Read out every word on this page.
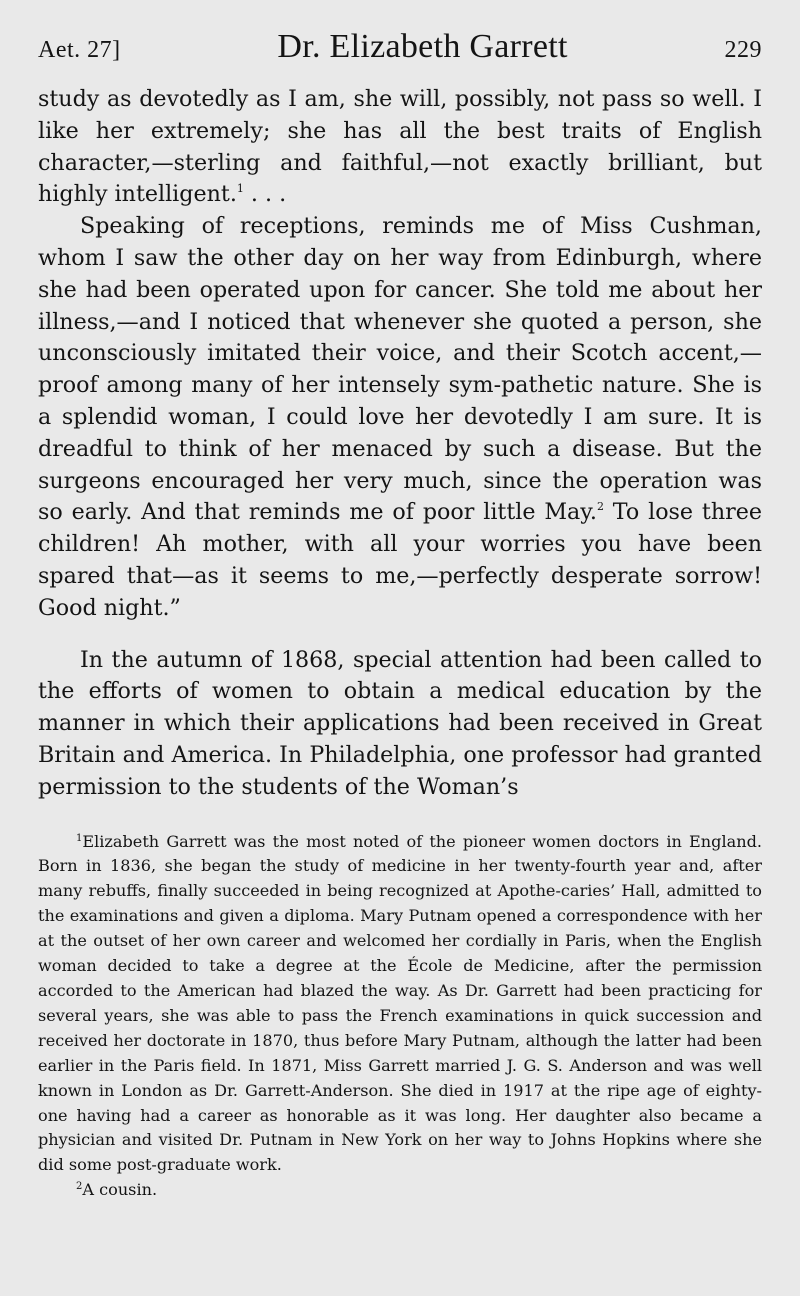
Aet. 27]	Dr. Elizabeth Garrett	229

study as devotedly as I am, she will, possibly, not pass so well. I like her extremely; she has all the best traits of English character,—sterling and faithful,—not exactly brilliant, but highly intelligent.$^1$ . . .

Speaking of receptions, reminds me of Miss Cushman, whom I saw the other day on her way from Edinburgh, where she had been operated upon for cancer. She told me about her illness,—and I noticed that whenever she quoted a person, she unconsciously imitated their voice, and their Scotch accent,—proof among many of her intensely sym-pathetic nature. She is a splendid woman, I could love her devotedly I am sure. It is dreadful to think of her menaced by such a disease. But the surgeons encouraged her very much, since the operation was so early. And that reminds me of poor little May.$^2$ To lose three children! Ah mother, with all your worries you have been spared that—as it seems to me,—perfectly desperate sorrow! Good night.”

In the autumn of 1868, special attention had been called to the efforts of women to obtain a medical education by the manner in which their applications had been received in Great Britain and America. In Philadelphia, one professor had granted permission to the students of the Woman’s

$^1$Elizabeth Garrett was the most noted of the pioneer women doctors in England. Born in 1836, she began the study of medicine in her twenty-fourth year and, after many rebuffs, finally succeeded in being recognized at Apothe-caries’ Hall, admitted to the examinations and given a diploma. Mary Putnam opened a correspondence with her at the outset of her own career and welcomed her cordially in Paris, when the English woman decided to take a degree at the École de Medicine, after the permission accorded to the American had blazed the way. As Dr. Garrett had been practicing for several years, she was able to pass the French examinations in quick succession and received her doctorate in 1870, thus before Mary Putnam, although the latter had been earlier in the Paris field. In 1871, Miss Garrett married J. G. S. Anderson and was well known in London as Dr. Garrett-Anderson. She died in 1917 at the ripe age of eighty-one having had a career as honorable as it was long. Her daughter also became a physician and visited Dr. Putnam in New York on her way to Johns Hopkins where she did some post-graduate work.

$^2$A cousin.
